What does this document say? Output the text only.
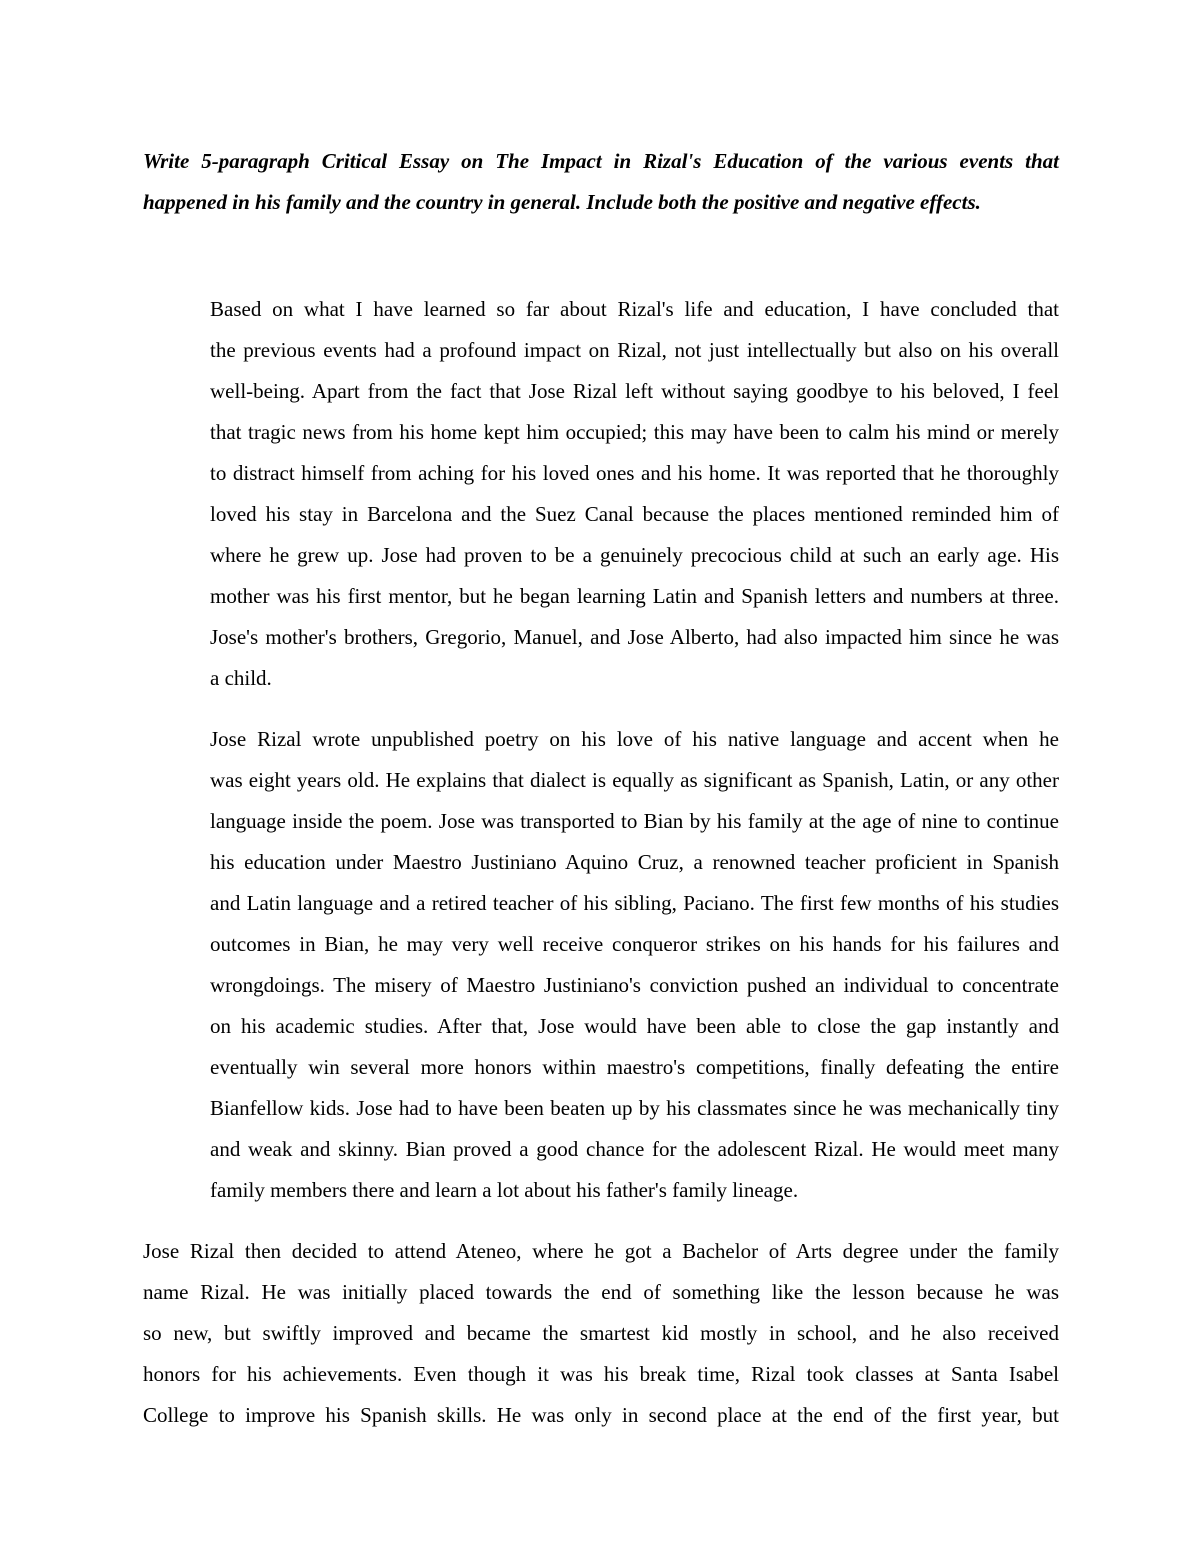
Write 5-paragraph Critical Essay on The Impact in Rizal's Education of the various events that
happened in his family and the country in general. Include both the positive and negative effects.

Based on what I have learned so far about Rizal's life and education, I have concluded that
the previous events had a profound impact on Rizal, not just intellectually but also on his overall
well-being. Apart from the fact that Jose Rizal left without saying goodbye to his beloved, I feel
that tragic news from his home kept him occupied; this may have been to calm his mind or merely
to distract himself from aching for his loved ones and his home. It was reported that he thoroughly
loved his stay in Barcelona and the Suez Canal because the places mentioned reminded him of
where he grew up. Jose had proven to be a genuinely precocious child at such an early age. His
mother was his first mentor, but he began learning Latin and Spanish letters and numbers at three.
Jose's mother's brothers, Gregorio, Manuel, and Jose Alberto, had also impacted him since he was
a child.

Jose Rizal wrote unpublished poetry on his love of his native language and accent when he
was eight years old. He explains that dialect is equally as significant as Spanish, Latin, or any other
language inside the poem. Jose was transported to Bian by his family at the age of nine to continue
his education under Maestro Justiniano Aquino Cruz, a renowned teacher proficient in Spanish
and Latin language and a retired teacher of his sibling, Paciano. The first few months of his studies
outcomes in Bian, he may very well receive conqueror strikes on his hands for his failures and
wrongdoings. The misery of Maestro Justiniano's conviction pushed an individual to concentrate
on his academic studies. After that, Jose would have been able to close the gap instantly and
eventually win several more honors within maestro's competitions, finally defeating the entire
Bianfellow kids. Jose had to have been beaten up by his classmates since he was mechanically tiny
and weak and skinny. Bian proved a good chance for the adolescent Rizal. He would meet many
family members there and learn a lot about his father's family lineage.

Jose Rizal then decided to attend Ateneo, where he got a Bachelor of Arts degree under the family
name Rizal. He was initially placed towards the end of something like the lesson because he was
so new, but swiftly improved and became the smartest kid mostly in school, and he also received
honors for his achievements. Even though it was his break time, Rizal took classes at Santa Isabel
College to improve his Spanish skills. He was only in second place at the end of the first year, but
